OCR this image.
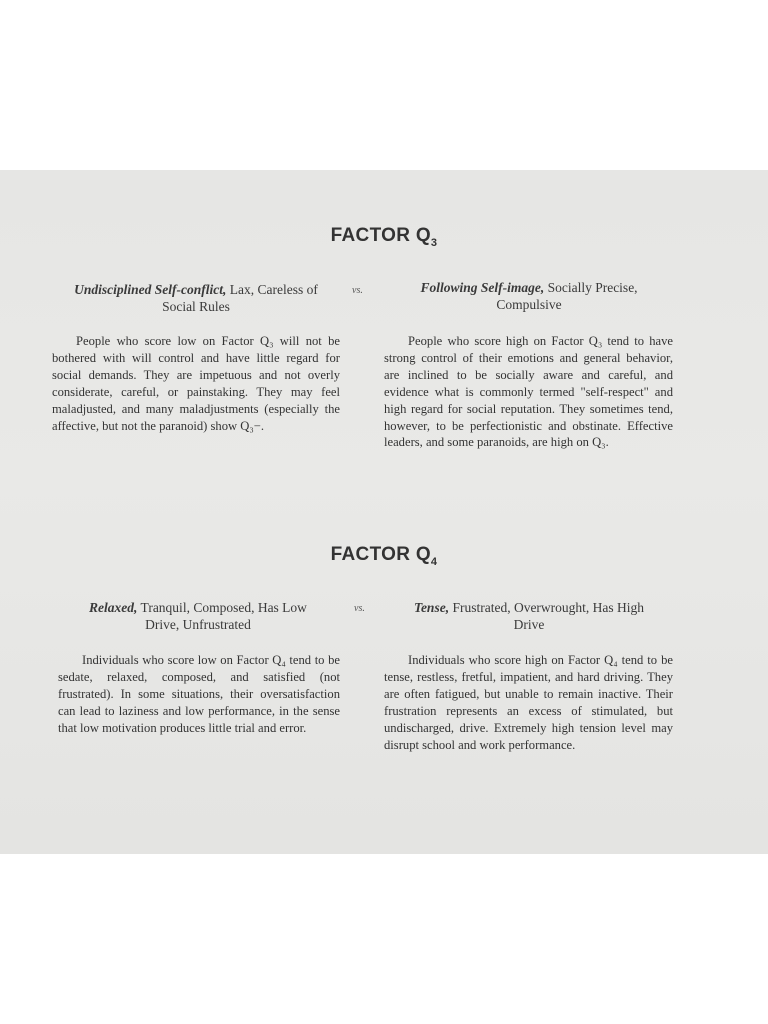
FACTOR $Q_3$
Undisciplined Self-conflict, Lax, Careless of Social Rules
vs.	Following Self-image, Socially Precise, Compulsive

People who score low on Factor Q₃ will not be bothered with will control and have little regard for social demands. They are impetuous and not overly considerate, careful, or painstaking. They may feel maladjusted, and many maladjustments (especially the affective, but not the paranoid) show Q₃−.

People who score high on Factor Q₃ tend to have strong control of their emotions and general behavior, are inclined to be socially aware and careful, and evidence what is commonly termed "self-respect" and high regard for social reputation. They sometimes tend, however, to be perfectionistic and obstinate. Effective leaders, and some paranoids, are high on Q₃.

FACTOR $Q_4$
Relaxed, Tranquil, Composed, Has Low Drive, Unfrustrated
vs.	Tense, Frustrated, Overwrought, Has High Drive

Individuals who score low on Factor Q₄ tend to be sedate, relaxed, composed, and satisfied (not frustrated). In some situations, their oversatisfaction can lead to laziness and low performance, in the sense that low motivation produces little trial and error.

Individuals who score high on Factor Q₄ tend to be tense, restless, fretful, impatient, and hard driving. They are often fatigued, but unable to remain inactive. Their frustration represents an excess of stimulated, but undischarged, drive. Extremely high tension level may disrupt school and work performance.
